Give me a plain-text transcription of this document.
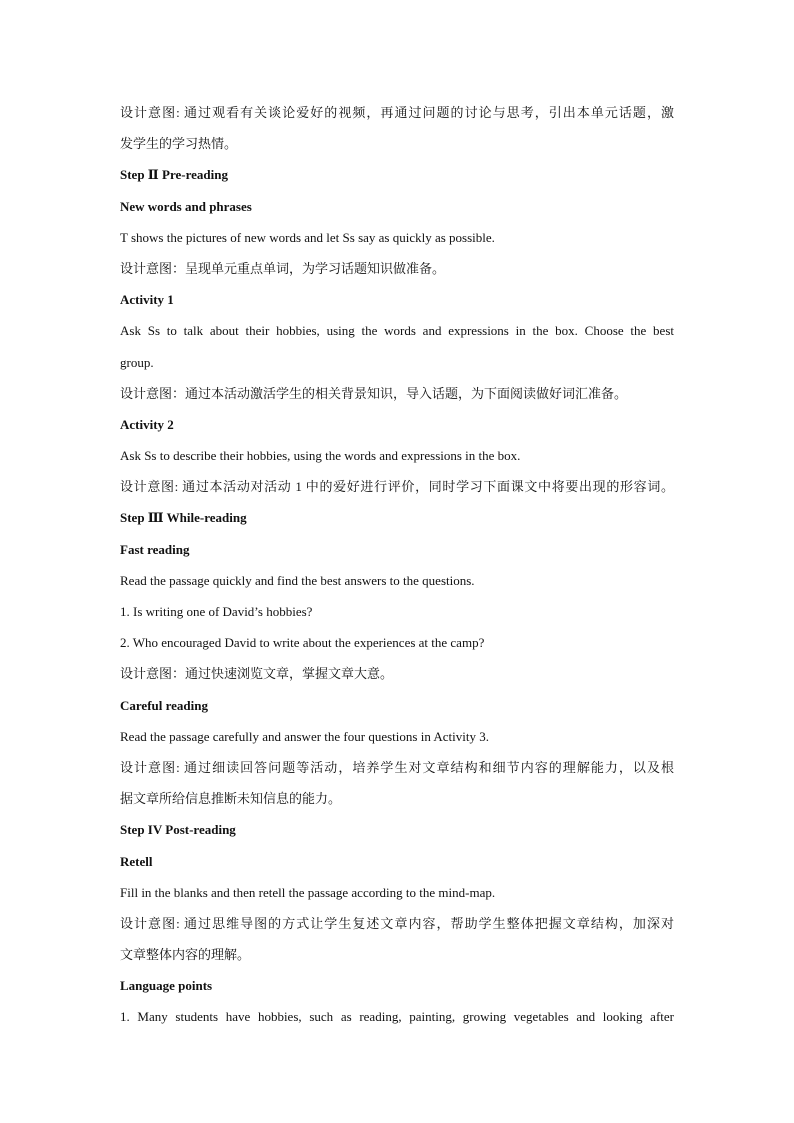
设计意图: 通过观看有关谈论爱好的视频，再通过问题的讨论与思考，引出本单元话题，激
发学生的学习热情。
Step Ⅱ Pre-reading
New words and phrases
T shows the pictures of new words and let Ss say as quickly as possible.
设计意图：呈现单元重点单词，为学习话题知识做准备。
Activity 1
Ask Ss to talk about their hobbies, using the words and expressions in the box. Choose the best
group.
设计意图：通过本活动激活学生的相关背景知识，导入话题，为下面阅读做好词汇准备。
Activity 2
Ask Ss to describe their hobbies, using the words and expressions in the box.
设计意图: 通过本活动对活动 1 中的爱好进行评价，同时学习下面课文中将要出现的形容词。
Step Ⅲ While-reading
Fast reading
Read the passage quickly and find the best answers to the questions.
1. Is writing one of David’s hobbies?
2. Who encouraged David to write about the experiences at the camp?
设计意图：通过快速浏览文章，掌握文章大意。
Careful reading
Read the passage carefully and answer the four questions in Activity 3.
设计意图: 通过细读回答问题等活动，培养学生对文章结构和细节内容的理解能力，以及根
据文章所给信息推断未知信息的能力。
Step IV Post-reading
Retell
Fill in the blanks and then retell the passage according to the mind-map.
设计意图: 通过思维导图的方式让学生复述文章内容，帮助学生整体把握文章结构，加深对
文章整体内容的理解。
Language points
1. Many students have hobbies, such as reading, painting, growing vegetables and looking after
